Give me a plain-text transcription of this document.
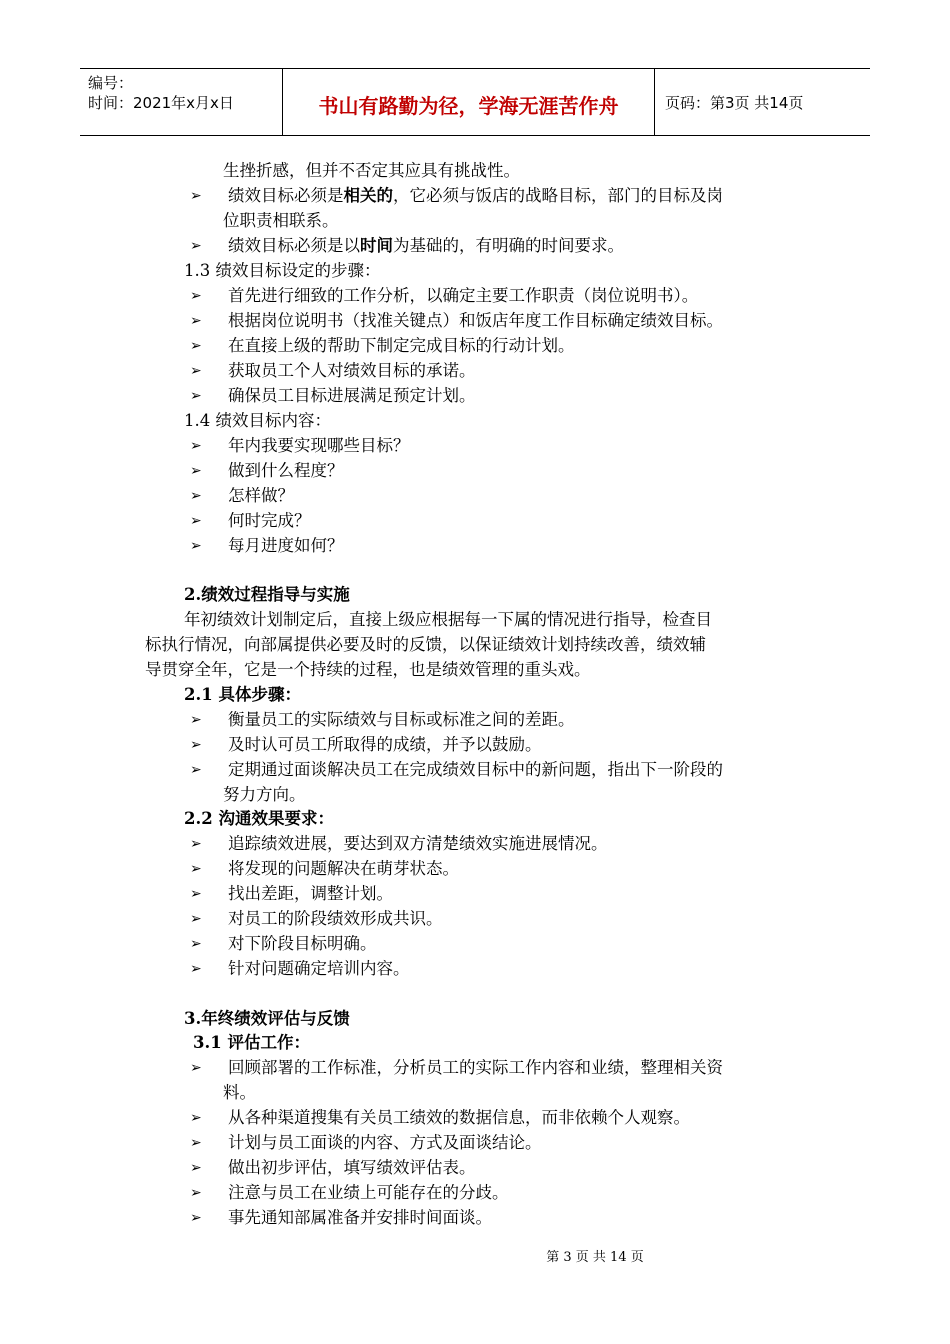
编号：
时间：2021年x月x日	书山有路勤为径，学海无涯苦作舟	页码：第3页 共14页
生挫折感，但并不否定其应具有挑战性。
➢ 绩效目标必须是相关的，它必须与饭店的战略目标，部门的目标及岗
位职责相联系。
➢ 绩效目标必须是以时间为基础的，有明确的时间要求。
1.3 绩效目标设定的步骤：
➢ 首先进行细致的工作分析，以确定主要工作职责（岗位说明书）。
➢ 根据岗位说明书（找准关键点）和饭店年度工作目标确定绩效目标。
➢ 在直接上级的帮助下制定完成目标的行动计划。
➢ 获取员工个人对绩效目标的承诺。
➢ 确保员工目标进展满足预定计划。
1.4 绩效目标内容：
➢ 年内我要实现哪些目标？
➢ 做到什么程度？
➢ 怎样做？
➢ 何时完成？
➢ 每月进度如何？
2.绩效过程指导与实施
年初绩效计划制定后，直接上级应根据每一下属的情况进行指导，检查目
标执行情况，向部属提供必要及时的反馈，以保证绩效计划持续改善，绩效辅
导贯穿全年，它是一个持续的过程，也是绩效管理的重头戏。
2.1 具体步骤：
➢ 衡量员工的实际绩效与目标或标准之间的差距。
➢ 及时认可员工所取得的成绩，并予以鼓励。
➢ 定期通过面谈解决员工在完成绩效目标中的新问题，指出下一阶段的
努力方向。
2.2 沟通效果要求：
➢ 追踪绩效进展，要达到双方清楚绩效实施进展情况。
➢ 将发现的问题解决在萌芽状态。
➢ 找出差距，调整计划。
➢ 对员工的阶段绩效形成共识。
➢ 对下阶段目标明确。
➢ 针对问题确定培训内容。
3.年终绩效评估与反馈
3.1 评估工作：
➢ 回顾部署的工作标准，分析员工的实际工作内容和业绩，整理相关资
料。
➢ 从各种渠道搜集有关员工绩效的数据信息，而非依赖个人观察。
➢ 计划与员工面谈的内容、方式及面谈结论。
➢ 做出初步评估，填写绩效评估表。
➢ 注意与员工在业绩上可能存在的分歧。
➢ 事先通知部属准备并安排时间面谈。
第 3 页 共 14 页
